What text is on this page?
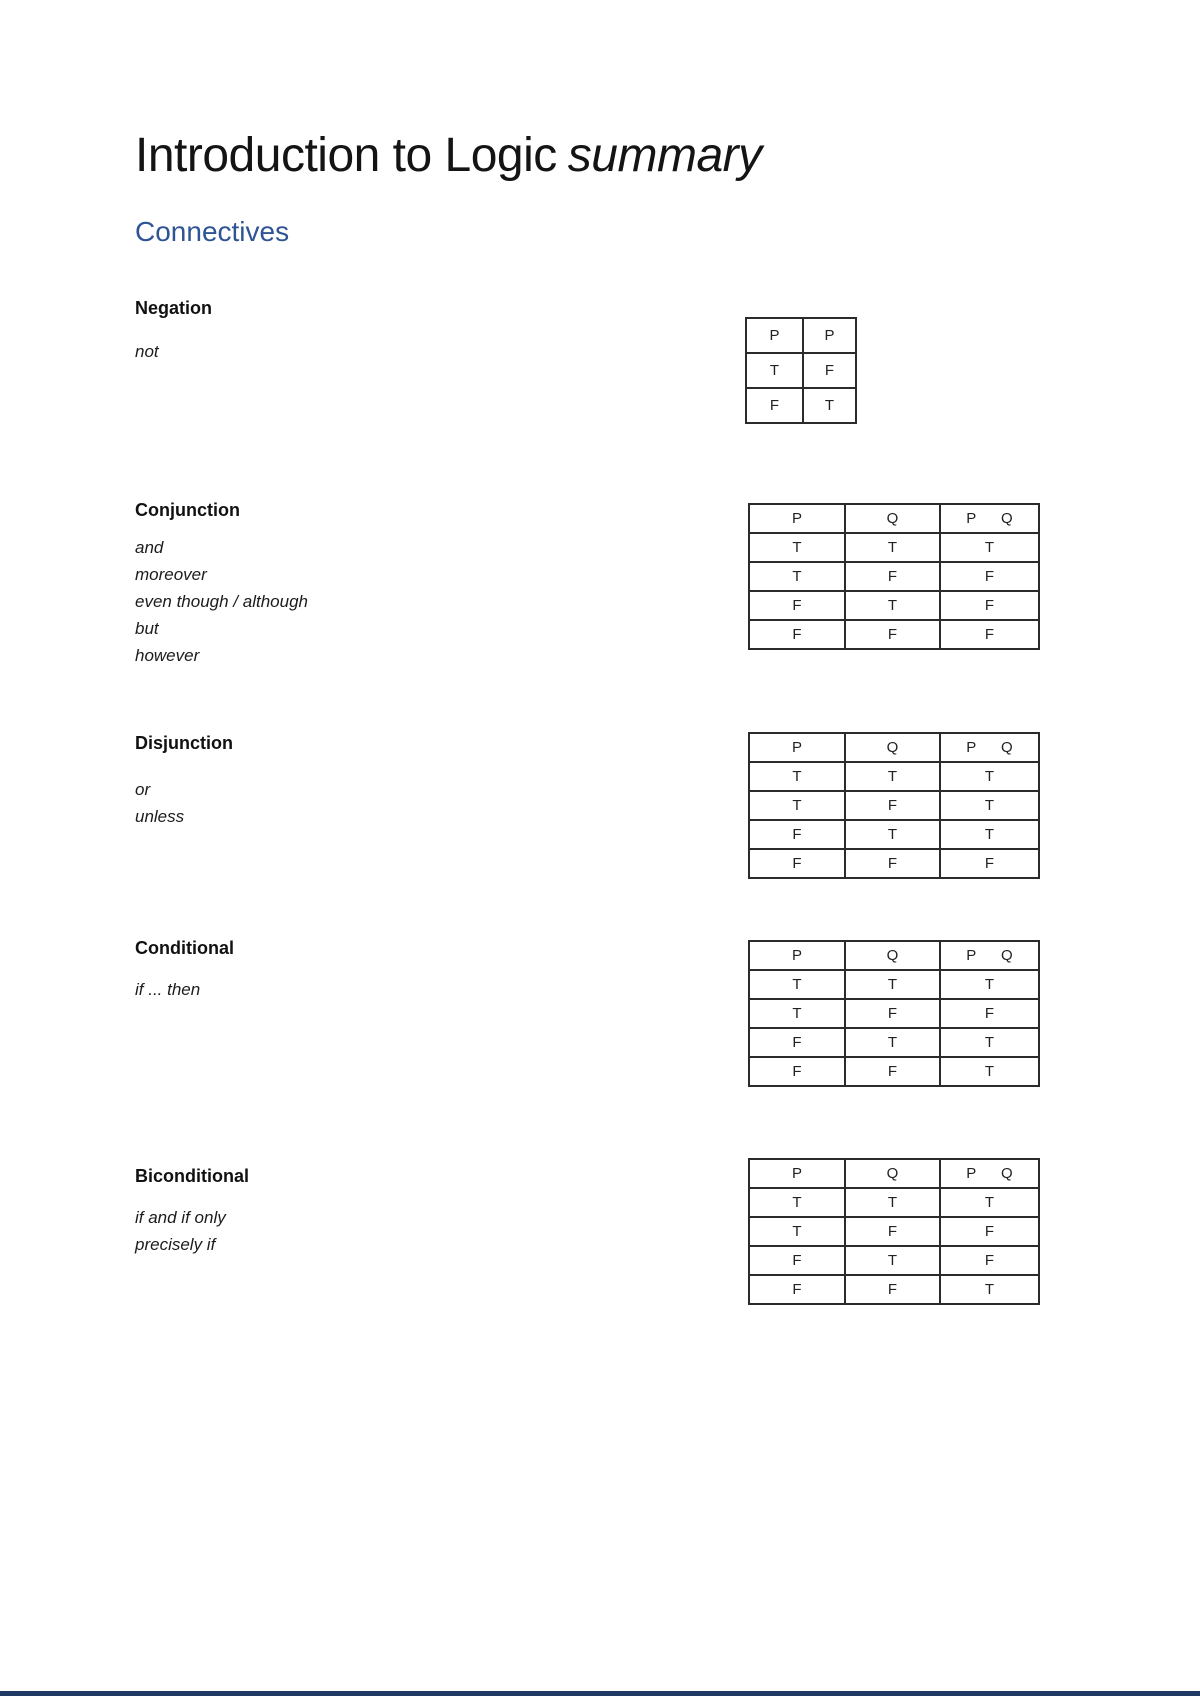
Introduction to Logic summary
Connectives
Negation
not
P	P
T	F
F	T
Conjunction
and
moreover
even though / although
but
however
P	Q	P      Q
T	T	T
T	F	F
F	T	F
F	F	F
Disjunction
or
unless
P	Q	P      Q
T	T	T
T	F	T
F	T	T
F	F	F
Conditional
if ... then
P	Q	P      Q
T	T	T
T	F	F
F	T	T
F	F	T
Biconditional
if and if only
precisely if
P	Q	P      Q
T	T	T
T	F	F
F	T	F
F	F	T
